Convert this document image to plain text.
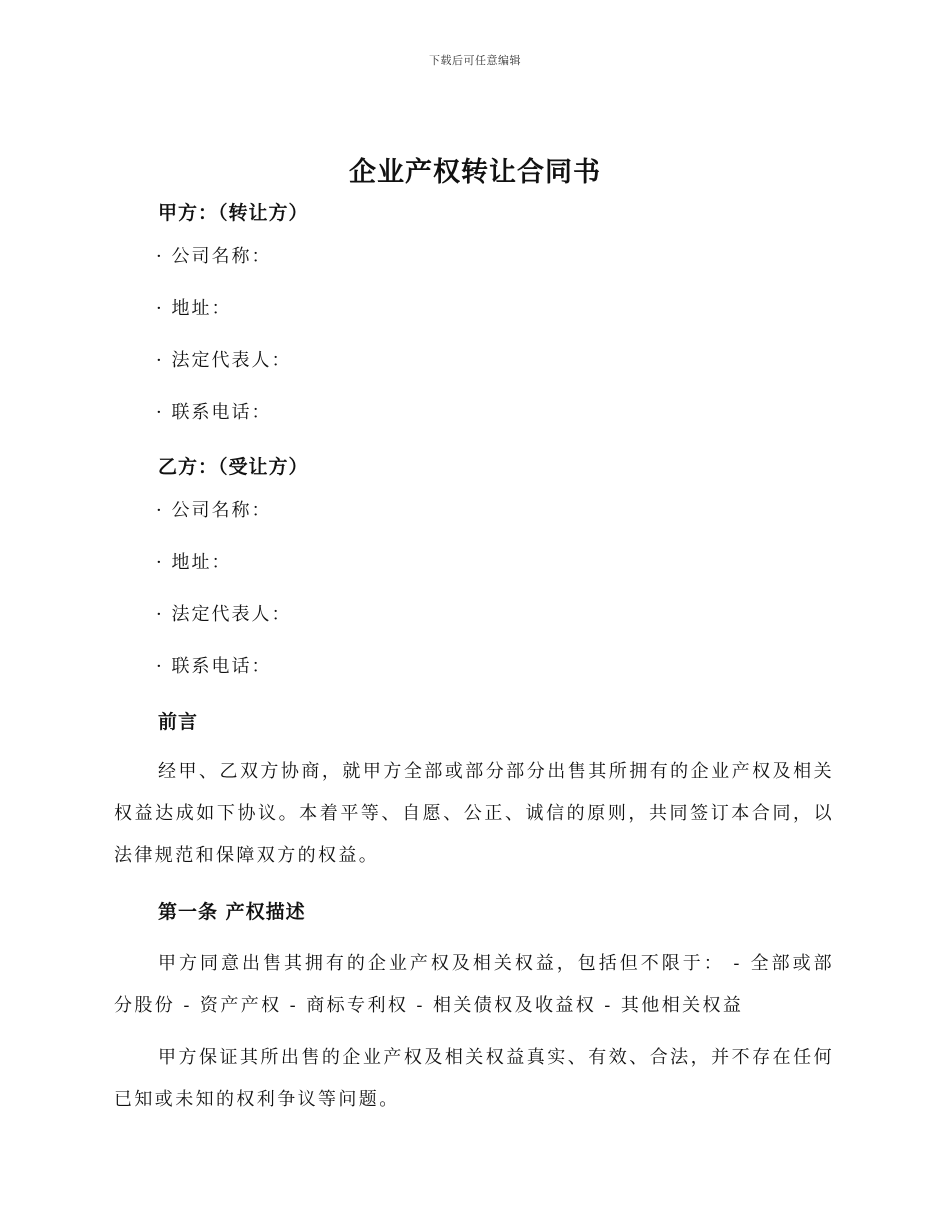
下载后可任意编辑
企业产权转让合同书
甲方：（转让方）
· 公司名称：
· 地址：
· 法定代表人：
· 联系电话：
乙方：（受让方）
· 公司名称：
· 地址：
· 法定代表人：
· 联系电话：
前言

经甲、乙双方协商，就甲方全部或部分部分出售其所拥有的企业产权及相关权益达成如下协议。本着平等、自愿、公正、诚信的原则，共同签订本合同，以法律规范和保障双方的权益。

第一条 产权描述

甲方同意出售其拥有的企业产权及相关权益，包括但不限于： - 全部或部分股份 - 资产产权 - 商标专利权 - 相关债权及收益权 - 其他相关权益

甲方保证其所出售的企业产权及相关权益真实、有效、合法，并不存在任何已知或未知的权利争议等问题。
